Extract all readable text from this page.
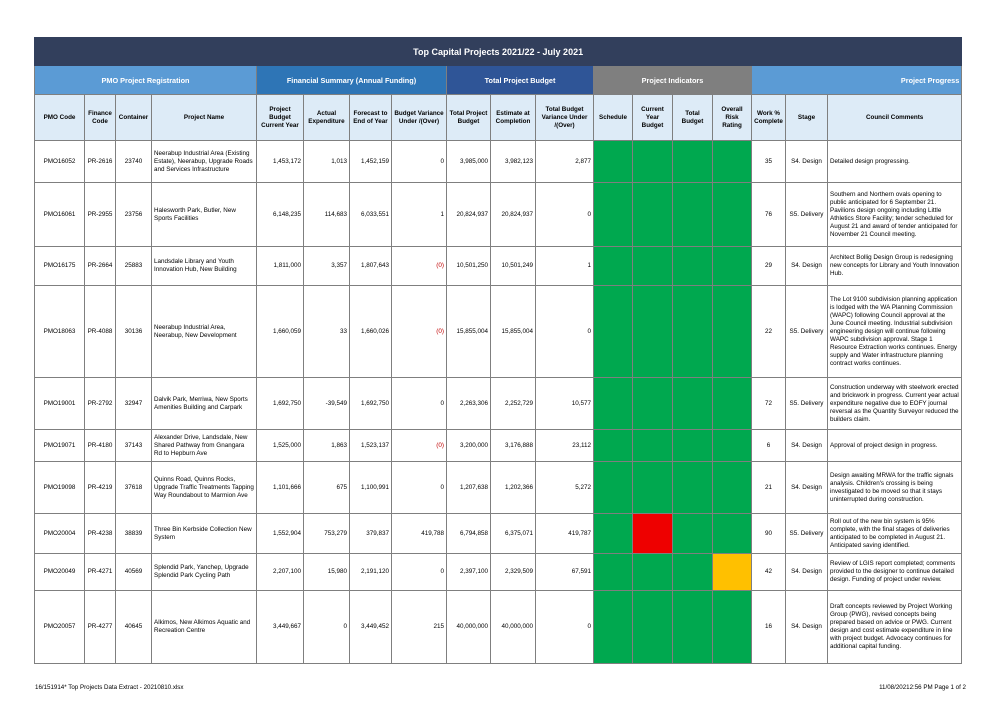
Top Capital Projects 2021/22 - July 2021																	
PMO Project Registration				Financial Summary (Annual Funding)				Total Project Budget			Project Indicators				Project Progress		
PMO Code	Finance Code	Container	Project Name	Project Budget Current Year	Actual Expenditure	Forecast to End of Year	Budget Variance Under /(Over)	Total Project Budget	Estimate at Completion	Total Budget Variance Under /(Over)	Schedule	Current Year Budget	Total Budget	Overall Risk Rating	Work % Complete	Stage	Council Comments
PMO16052	PR-2616	23740	Neerabup Industrial Area (Existing Estate), Neerabup, Upgrade Roads and Services Infrastructure	1,453,172	1,013	1,452,159	0	3,985,000	3,982,123	2,877					35	S4. Design	Detailed design progressing.
PMO16061	PR-2955	23756	Halesworth Park, Butler, New Sports Facilities	6,148,235	114,683	6,033,551	1	20,824,937	20,824,937	0					76	S5. Delivery	Southern and Northern ovals opening to public anticipated for 6 September 21. Pavilions design ongoing including Little Athletics Store Facility; tender scheduled for August 21 and award of tender anticipated for November 21 Council meeting.
PMO16175	PR-2664	25883	Landsdale Library and Youth Innovation Hub, New Building	1,811,000	3,357	1,807,643	(0)	10,501,250	10,501,249	1					29	S4. Design	Architect Bollig Design Group is redesigning new concepts for Library and Youth Innovation Hub.
PMO18063	PR-4088	30136	Neerabup Industrial Area, Neerabup, New Development	1,660,059	33	1,660,026	(0)	15,855,004	15,855,004	0					22	S5. Delivery	The Lot 9100 subdivision planning application is lodged with the WA Planning Commission (WAPC) following Council approval at the June Council meeting. Industrial subdivision engineering design will continue following WAPC subdivision approval. Stage 1 Resource Extraction works continues. Energy supply and Water infrastructure planning contract works continues.
PMO19001	PR-2792	32947	Dalvik Park, Merriwa, New Sports Amenities Building and Carpark	1,692,750	-39,549	1,692,750	0	2,263,306	2,252,729	10,577					72	S5. Delivery	Construction underway with steelwork erected and brickwork in progress. Current year actual expenditure negative due to EOFY journal reversal as the Quantity Surveyor reduced the builders claim.
PMO19071	PR-4180	37143	Alexander Drive, Landsdale, New Shared Pathway from Gnangara Rd to Hepburn Ave	1,525,000	1,863	1,523,137	(0)	3,200,000	3,176,888	23,112					6	S4. Design	Approval of project design in progress.
PMO19098	PR-4219	37618	Quinns Road, Quinns Rocks, Upgrade Traffic Treatments Tapping Way Roundabout to Marmion Ave	1,101,666	675	1,100,991	0	1,207,638	1,202,366	5,272					21	S4. Design	Design awaiting MRWA for the traffic signals analysis. Children's crossing is being investigated to be moved so that it stays uninterrupted during construction.
PMO20004	PR-4238	38839	Three Bin Kerbside Collection New System	1,552,904	753,279	379,837	419,788	6,794,858	6,375,071	419,787					90	S5. Delivery	Roll out of the new bin system is 95% complete, with the final stages of deliveries anticipated to be completed in August 21. Anticipated saving identified.
PMO20049	PR-4271	40569	Splendid Park, Yanchep, Upgrade Splendid Park Cycling Path	2,207,100	15,980	2,191,120	0	2,397,100	2,329,509	67,591					42	S4. Design	Review of LGIS report completed; comments provided to the designer to continue detailed design. Funding of project under review.
PMO20057	PR-4277	40645	Alkimos, New Alkimos Aquatic and Recreation Centre	3,449,667	0	3,449,452	215	40,000,000	40,000,000	0					16	S4. Design	Draft concepts reviewed by Project Working Group (PWG), revised concepts being prepared based on advice or PWG. Current design and cost estimate expenditure in line with project budget. Advocacy continues for additional capital funding.
16/151914* Top Projects Data Extract - 20210810.xlsx	11/08/20212:56 PM Page 1 of 2
